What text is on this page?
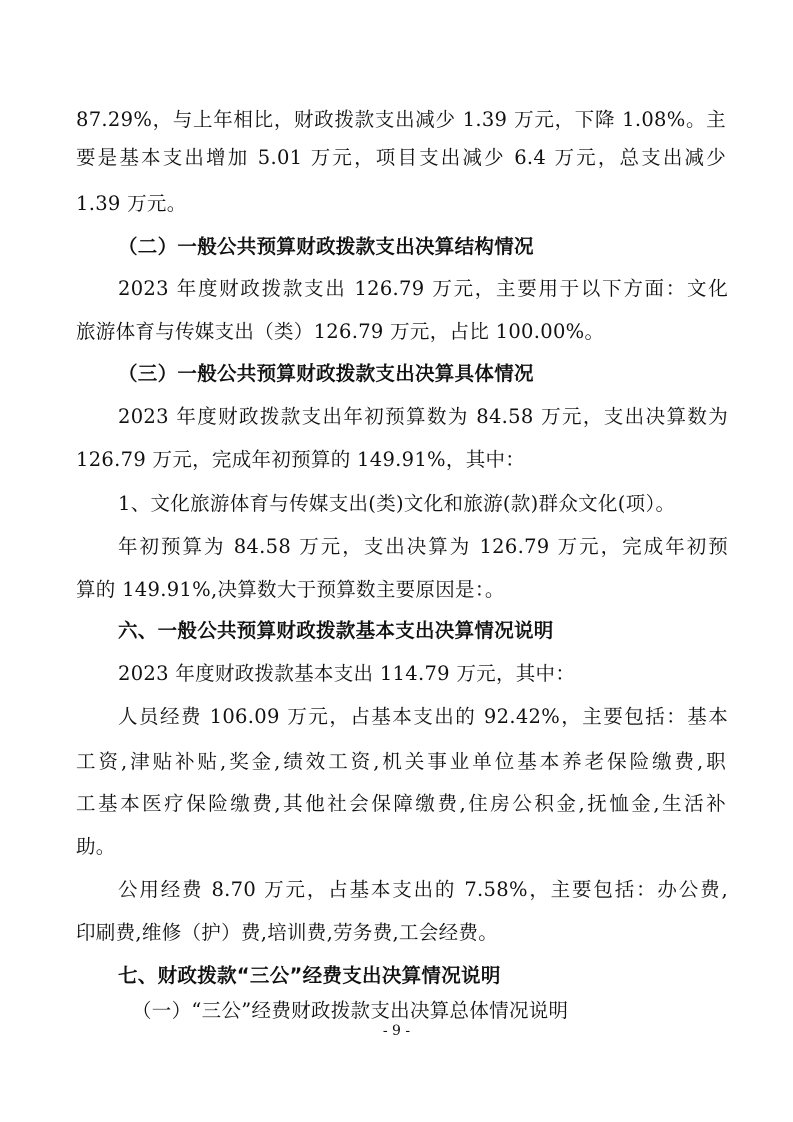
87.29%，与上年相比，财政拨款支出减少 1.39 万元，下降 1.08%。主
要是基本支出增加 5.01 万元，项目支出减少 6.4 万元，总支出减少
1.39 万元。
（二）一般公共预算财政拨款支出决算结构情况
2023 年度财政拨款支出 126.79 万元，主要用于以下方面：文化
旅游体育与传媒支出（类）126.79 万元，占比 100.00%。
（三）一般公共预算财政拨款支出决算具体情况
2023 年度财政拨款支出年初预算数为 84.58 万元，支出决算数为
126.79 万元，完成年初预算的 149.91%，其中：
1、文化旅游体育与传媒支出(类)文化和旅游(款)群众文化(项）。
年初预算为 84.58 万元，支出决算为 126.79 万元，完成年初预
算的 149.91%,决算数大于预算数主要原因是：。
六、一般公共预算财政拨款基本支出决算情况说明
2023 年度财政拨款基本支出 114.79 万元，其中：
人员经费 106.09 万元，占基本支出的 92.42%，主要包括：基本
工资,津贴补贴,奖金,绩效工资,机关事业单位基本养老保险缴费,职
工基本医疗保险缴费,其他社会保障缴费,住房公积金,抚恤金,生活补
助。
公用经费 8.70 万元，占基本支出的 7.58%，主要包括：办公费,
印刷费,维修（护）费,培训费,劳务费,工会经费。
七、财政拨款“三公”经费支出决算情况说明
（一）“三公”经费财政拨款支出决算总体情况说明
- 9 -
